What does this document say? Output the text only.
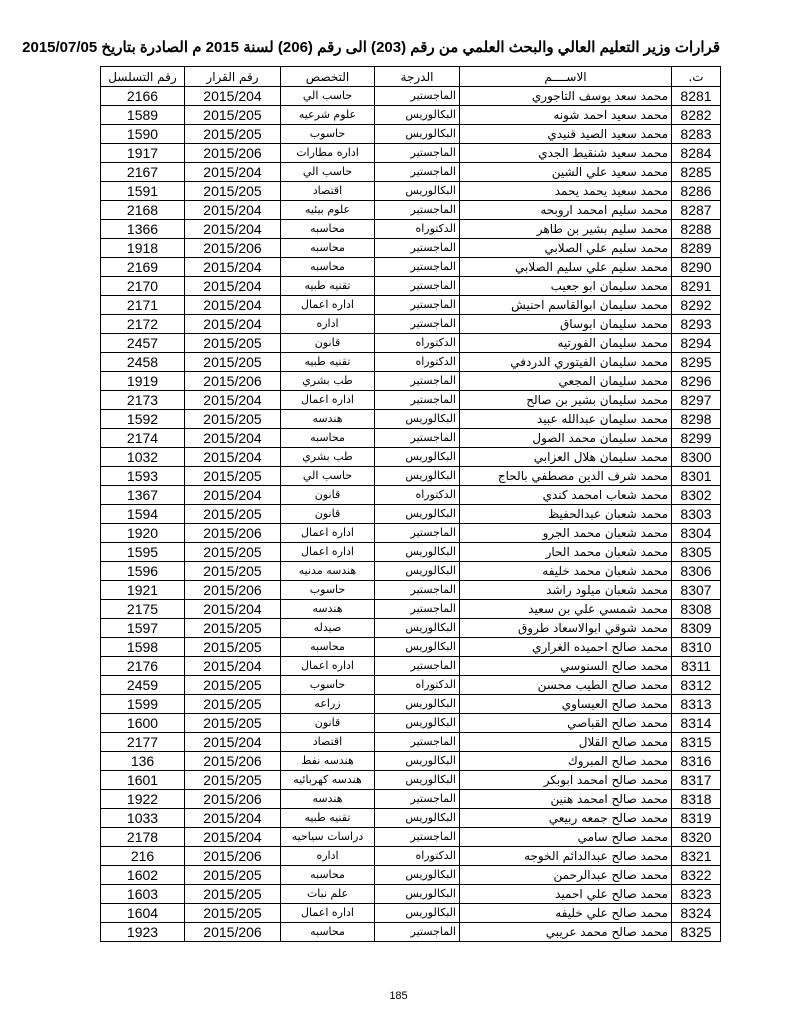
قرارات وزير التعليم العالي والبحث العلمي من رقم (203) الى رقم (206) لسنة 2015 م الصادرة بتاريخ 2015/07/05
ت.	الاســــم	الدرجة	التخصص	رقم القرار	رقم التسلسل
8281	محمد سعد يوسف التاجوري	الماجستير	حاسب الي	2015/204	2166
8282	محمد سعيد احمد شونه	البكالوريس	علوم شرعيه	2015/205	1589
8283	محمد سعيد الصيد قنيدي	البكالوريس	حاسوب	2015/205	1590
8284	محمد سعيد شنقيط الجدي	الماجستير	اداره مطارات	2015/206	1917
8285	محمد سعيد علي الشين	الماجستير	حاسب الي	2015/204	2167
8286	محمد سعيد يحمد يحمد	البكالوريس	اقتصاد	2015/205	1591
8287	محمد سليم امحمد اروبحه	الماجستير	علوم بيئيه	2015/204	2168
8288	محمد سليم بشير بن طاهر	الدكتوراه	محاسبه	2015/204	1366
8289	محمد سليم علي الصلابي	الماجستير	محاسبه	2015/206	1918
8290	محمد سليم علي سليم الصلابي	الماجستير	محاسبه	2015/204	2169
8291	محمد سليمان ابو جعيب	الماجستير	تقنيه طبيه	2015/204	2170
8292	محمد سليمان ابوالقاسم احنيش	الماجستير	اداره اعمال	2015/204	2171
8293	محمد سليمان ابوساق	الماجستير	اداره	2015/204	2172
8294	محمد سليمان الفورتيه	الدكتوراه	قانون	2015/205	2457
8295	محمد سليمان الفيتوري الدردفي	الدكتوراه	تقنيه طبيه	2015/205	2458
8296	محمد سليمان المجعي	الماجستير	طب بشري	2015/206	1919
8297	محمد سليمان بشير بن صالح	الماجستير	اداره اعمال	2015/204	2173
8298	محمد سليمان عبدالله عبيد	البكالوريس	هندسه	2015/205	1592
8299	محمد سليمان محمد الصول	الماجستير	محاسبه	2015/204	2174
8300	محمد سليمان هلال العزابي	البكالوريس	طب بشري	2015/204	1032
8301	محمد شرف الدين مصطفي بالحاج	البكالوريس	حاسب الي	2015/205	1593
8302	محمد شعاب امحمد كندي	الدكتوراه	قانون	2015/204	1367
8303	محمد شعبان عبدالحفيظ	البكالوريس	قانون	2015/205	1594
8304	محمد شعبان محمد الجرو	الماجستير	اداره اعمال	2015/206	1920
8305	محمد شعبان محمد الحار	البكالوريس	اداره اعمال	2015/205	1595
8306	محمد شعبان محمد خليفه	البكالوريس	هندسه مدنيه	2015/205	1596
8307	محمد شعبان ميلود راشد	الماجستير	حاسوب	2015/206	1921
8308	محمد شمسي علي بن سعيد	الماجستير	هندسه	2015/204	2175
8309	محمد شوقي ابوالاسعاد طروق	البكالوريس	صيدله	2015/205	1597
8310	محمد صالح احميده الغراري	البكالوريس	محاسبه	2015/205	1598
8311	محمد صالح السنوسي	الماجستير	اداره اعمال	2015/204	2176
8312	محمد صالح الطيب محسن	الدكتوراه	حاسوب	2015/205	2459
8313	محمد صالح العيساوي	البكالوريس	زراعه	2015/205	1599
8314	محمد صالح القباصي	البكالوريس	قانون	2015/205	1600
8315	محمد صالح القلال	الماجستير	اقتصاد	2015/204	2177
8316	محمد صالح المبروك	البكالوريس	هندسه نفط	2015/206	136
8317	محمد صالح امحمد ابوبكر	البكالوريس	هندسه كهربائيه	2015/205	1601
8318	محمد صالح امحمد هنين	الماجستير	هندسه	2015/206	1922
8319	محمد صالح جمعه ربيعي	البكالوريس	تقنيه طبيه	2015/204	1033
8320	محمد صالح سامي	الماجستير	دراسات سياحيه	2015/204	2178
8321	محمد صالح عبدالدائم الخوجه	الدكتوراه	اداره	2015/206	216
8322	محمد صالح عبدالرحمن	البكالوريس	محاسبه	2015/205	1602
8323	محمد صالح علي احميد	البكالوريس	علم نبات	2015/205	1603
8324	محمد صالح علي خليفه	البكالوريس	اداره اعمال	2015/205	1604
8325	محمد صالح محمد عريبي	الماجستير	محاسبه	2015/206	1923
185
